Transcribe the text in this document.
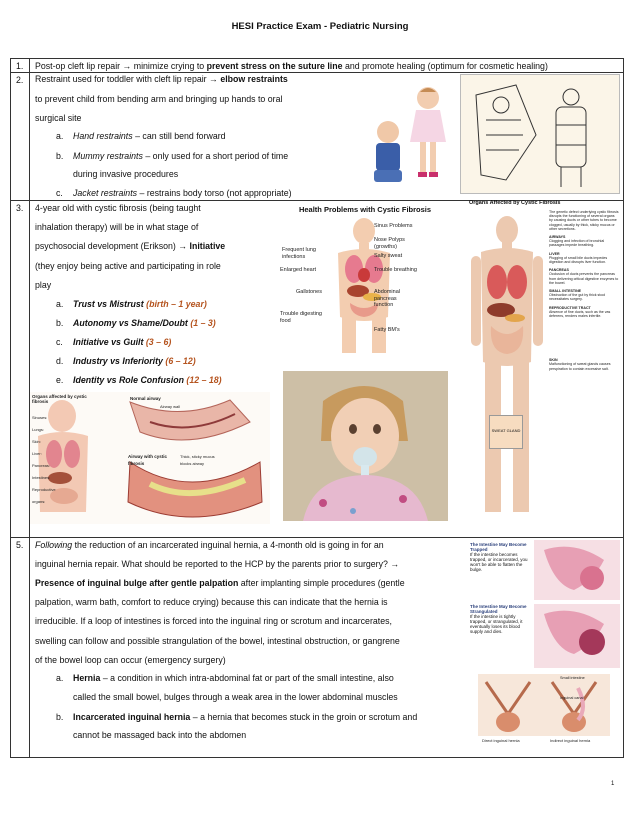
HESI Practice Exam - Pediatric Nursing
1. Post-op cleft lip repair → minimize crying to prevent stress on the suture line and promote healing (optimum for cosmetic healing)
2. Restraint used for toddler with cleft lip repair → elbow restraints
to prevent child from bending arm and bringing up hands to oral
surgical site
a. Hand restraints – can still bend forward
b. Mummy restraints – only used for a short period of time
during invasive procedures
c. Jacket restraints – restrains body torso (not appropriate)
3. 4-year old with cystic fibrosis (being taught
inhalation therapy) will be in what stage of
psychosocial development (Erikson) → Initiative
(they enjoy being active and participating in role
play
a. Trust vs Mistrust (birth – 1 year)
b. Autonomy vs Shame/Doubt (1 – 3)
c. Initiative vs Guilt (3 – 6)
d. Industry vs Inferiority (6 – 12)
e. Identity vs Role Confusion (12 – 18)
Health Problems with Cystic Fibrosis
Sinus Problems
Nose Polyps (growths)
Salty sweat
Trouble breathing
Abdominal pancreas function
Fatty BM's
Frequent lung infections
Enlarged heart
Gallstones
Trouble digesting food
Organs Affected by Cystic Fibrosis
SWEAT GLAND
The genetic defect underlying cystic fibrosis disrupts the functioning of several organs by causing ducts or other tubes to become clogged, usually by thick, sticky mucus or other secretions.
AIRWAYS
Clogging and infection of bronchial passages impede breathing.
LIVER
Plugging of small bile ducts impedes digestion and disrupts liver function.
PANCREAS
Occlusion of ducts prevents the pancreas from delivering critical digestive enzymes to the bowel.
SMALL INTESTINE
Obstruction of the gut by thick stool necessitates surgery.
REPRODUCTIVE TRACT
Absence of fine ducts, such as the vas deferens, renders males infertile.
SKIN
Malfunctioning of sweat glands causes perspiration to contain excessive salt.
Organs affected by cystic fibrosis
Sinuses:
Lungs:
Skin:
Liver:
Pancreas:
Intestines:
Reproductive organs:
Normal airway
Airway wall
Airway with cystic fibrosis
Thick, sticky mucus blocks airway
5. Following the reduction of an incarcerated inguinal hernia, a 4-month old is going in for an
inguinal hernia repair. What should be reported to the HCP by the parents prior to surgery? →
Presence of inguinal bulge after gentle palpation after implanting simple procedures (gentle
palpation, warm bath, comfort to reduce crying) because this can indicate that the hernia is
irreducible. If a loop of intestines is forced into the inguinal ring or scrotum and incarcerates,
swelling can follow and possible strangulation of the bowel, intestinal obstruction, or gangrene
of the bowel loop can occur (emergency surgery)
a. Hernia – a condition in which intra-abdominal fat or part of the small intestine, also
called the small bowel, bulges through a weak area in the lower abdominal muscles
b. Incarcerated inguinal hernia – a hernia that becomes stuck in the groin or scrotum and
cannot be massaged back into the abdomen
The Intestine May Become Trapped
If the intestine becomes trapped, or incarcerated, you won't be able to flatten the bulge.
The Intestine May Become Strangulated
If the intestine is tightly trapped, or strangulated, it eventually loses its blood supply and dies.
Small intestine
Inguinal canal
Direct inguinal hernia	Indirect inguinal hernia
1
